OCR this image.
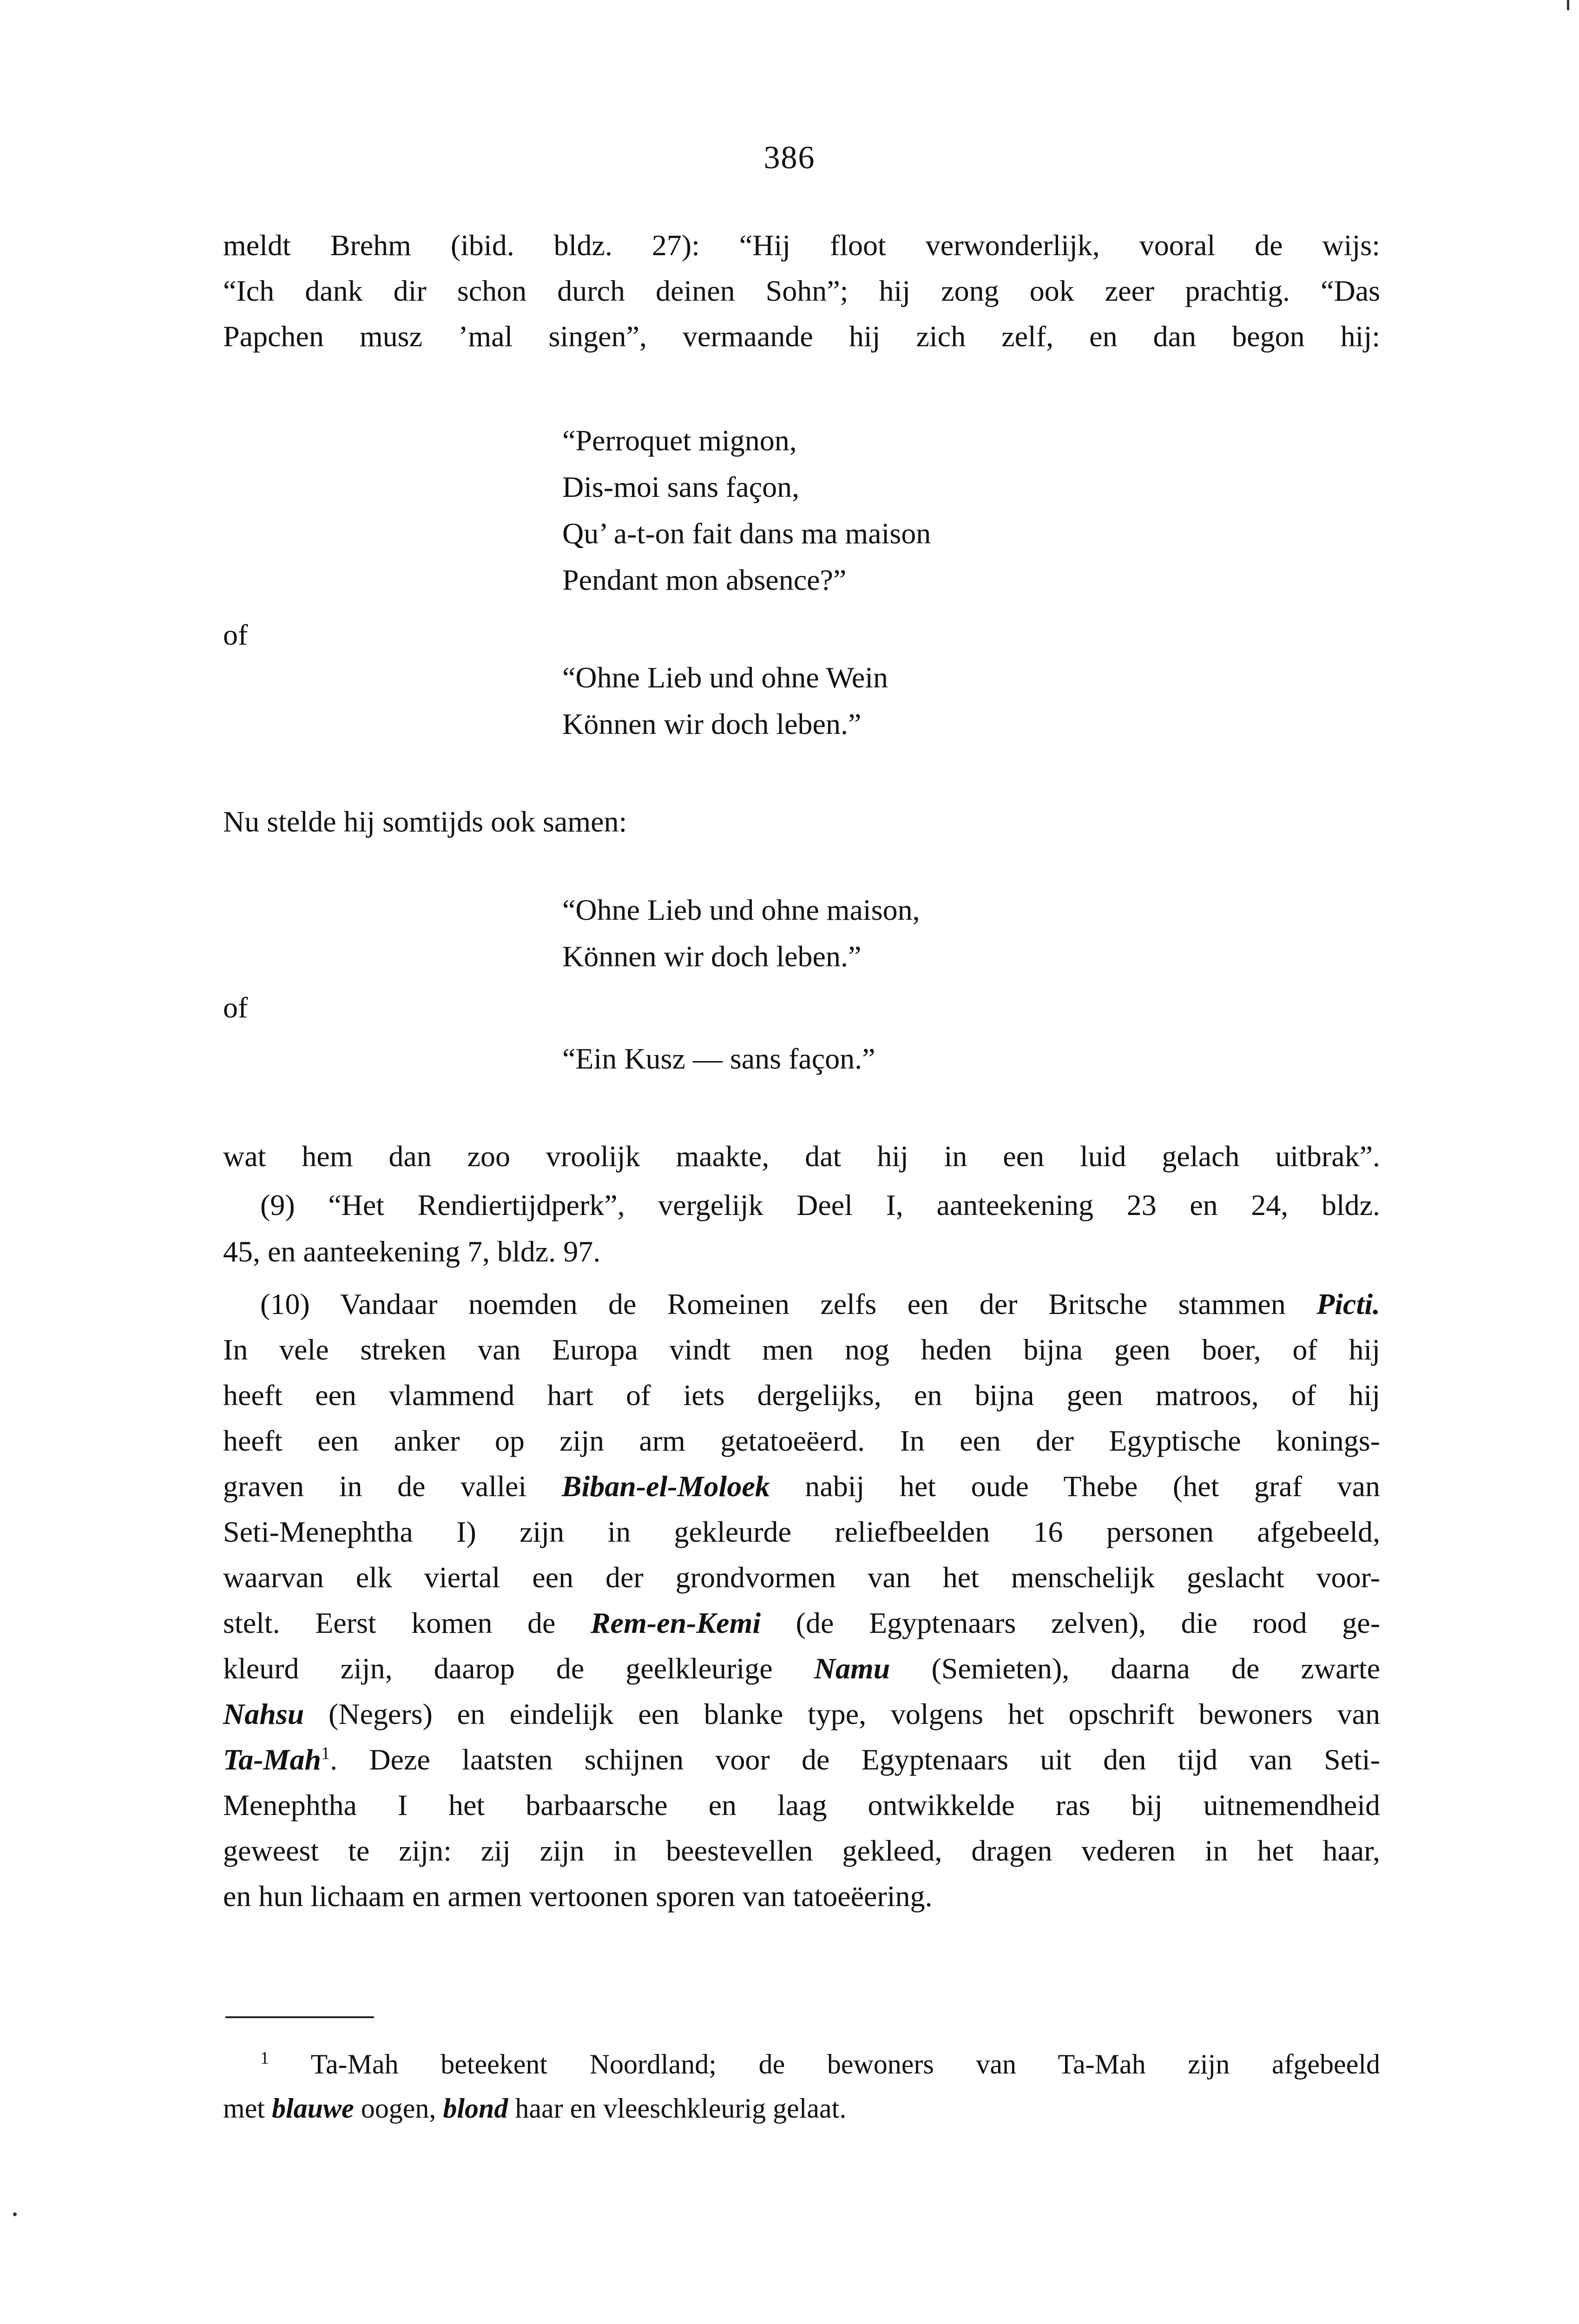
386
meldt Brehm (ibid. bldz. 27): “Hij floot verwonderlijk, vooral de wijs:
“Ich dank dir schon durch deinen Sohn”; hij zong ook zeer prachtig. “Das
Papchen musz ’mal singen”, vermaande hij zich zelf, en dan begon hij:
“Perroquet mignon,
Dis-moi sans façon,
Qu’ a-t-on fait dans ma maison
Pendant mon absence?”
of
“Ohne Lieb und ohne Wein
Können wir doch leben.”
Nu stelde hij somtijds ook samen:
“Ohne Lieb und ohne maison,
Können wir doch leben.”
of
“Ein Kusz — sans façon.”
wat hem dan zoo vroolijk maakte, dat hij in een luid gelach uitbrak”.
(9) “Het Rendiertijdperk”, vergelijk Deel I, aanteekening 23 en 24, bldz.
45, en aanteekening 7, bldz. 97.
(10) Vandaar noemden de Romeinen zelfs een der Britsche stammen Picti.
In vele streken van Europa vindt men nog heden bijna geen boer, of hij
heeft een vlammend hart of iets dergelijks, en bijna geen matroos, of hij
heeft een anker op zijn arm getatoeëerd. In een der Egyptische konings-
graven in de vallei Biban-el-Moloek nabij het oude Thebe (het graf van
Seti-Menephtha I) zijn in gekleurde reliefbeelden 16 personen afgebeeld,
waarvan elk viertal een der grondvormen van het menschelijk geslacht voor-
stelt. Eerst komen de Rem-en-Kemi (de Egyptenaars zelven), die rood ge-
kleurd zijn, daarop de geelkleurige Namu (Semieten), daarna de zwarte
Nahsu (Negers) en eindelijk een blanke type, volgens het opschrift bewoners van
Ta-Mah$^1$. Deze laatsten schijnen voor de Egyptenaars uit den tijd van Seti-
Menephtha I het barbaarsche en laag ontwikkelde ras bij uitnemendheid
geweest te zijn: zij zijn in beestevellen gekleed, dragen vederen in het haar,
en hun lichaam en armen vertoonen sporen van tatoeëering.
$^1$ Ta-Mah beteekent Noordland; de bewoners van Ta-Mah zijn afgebeeld
met blauwe oogen, blond haar en vleeschkleurig gelaat.
